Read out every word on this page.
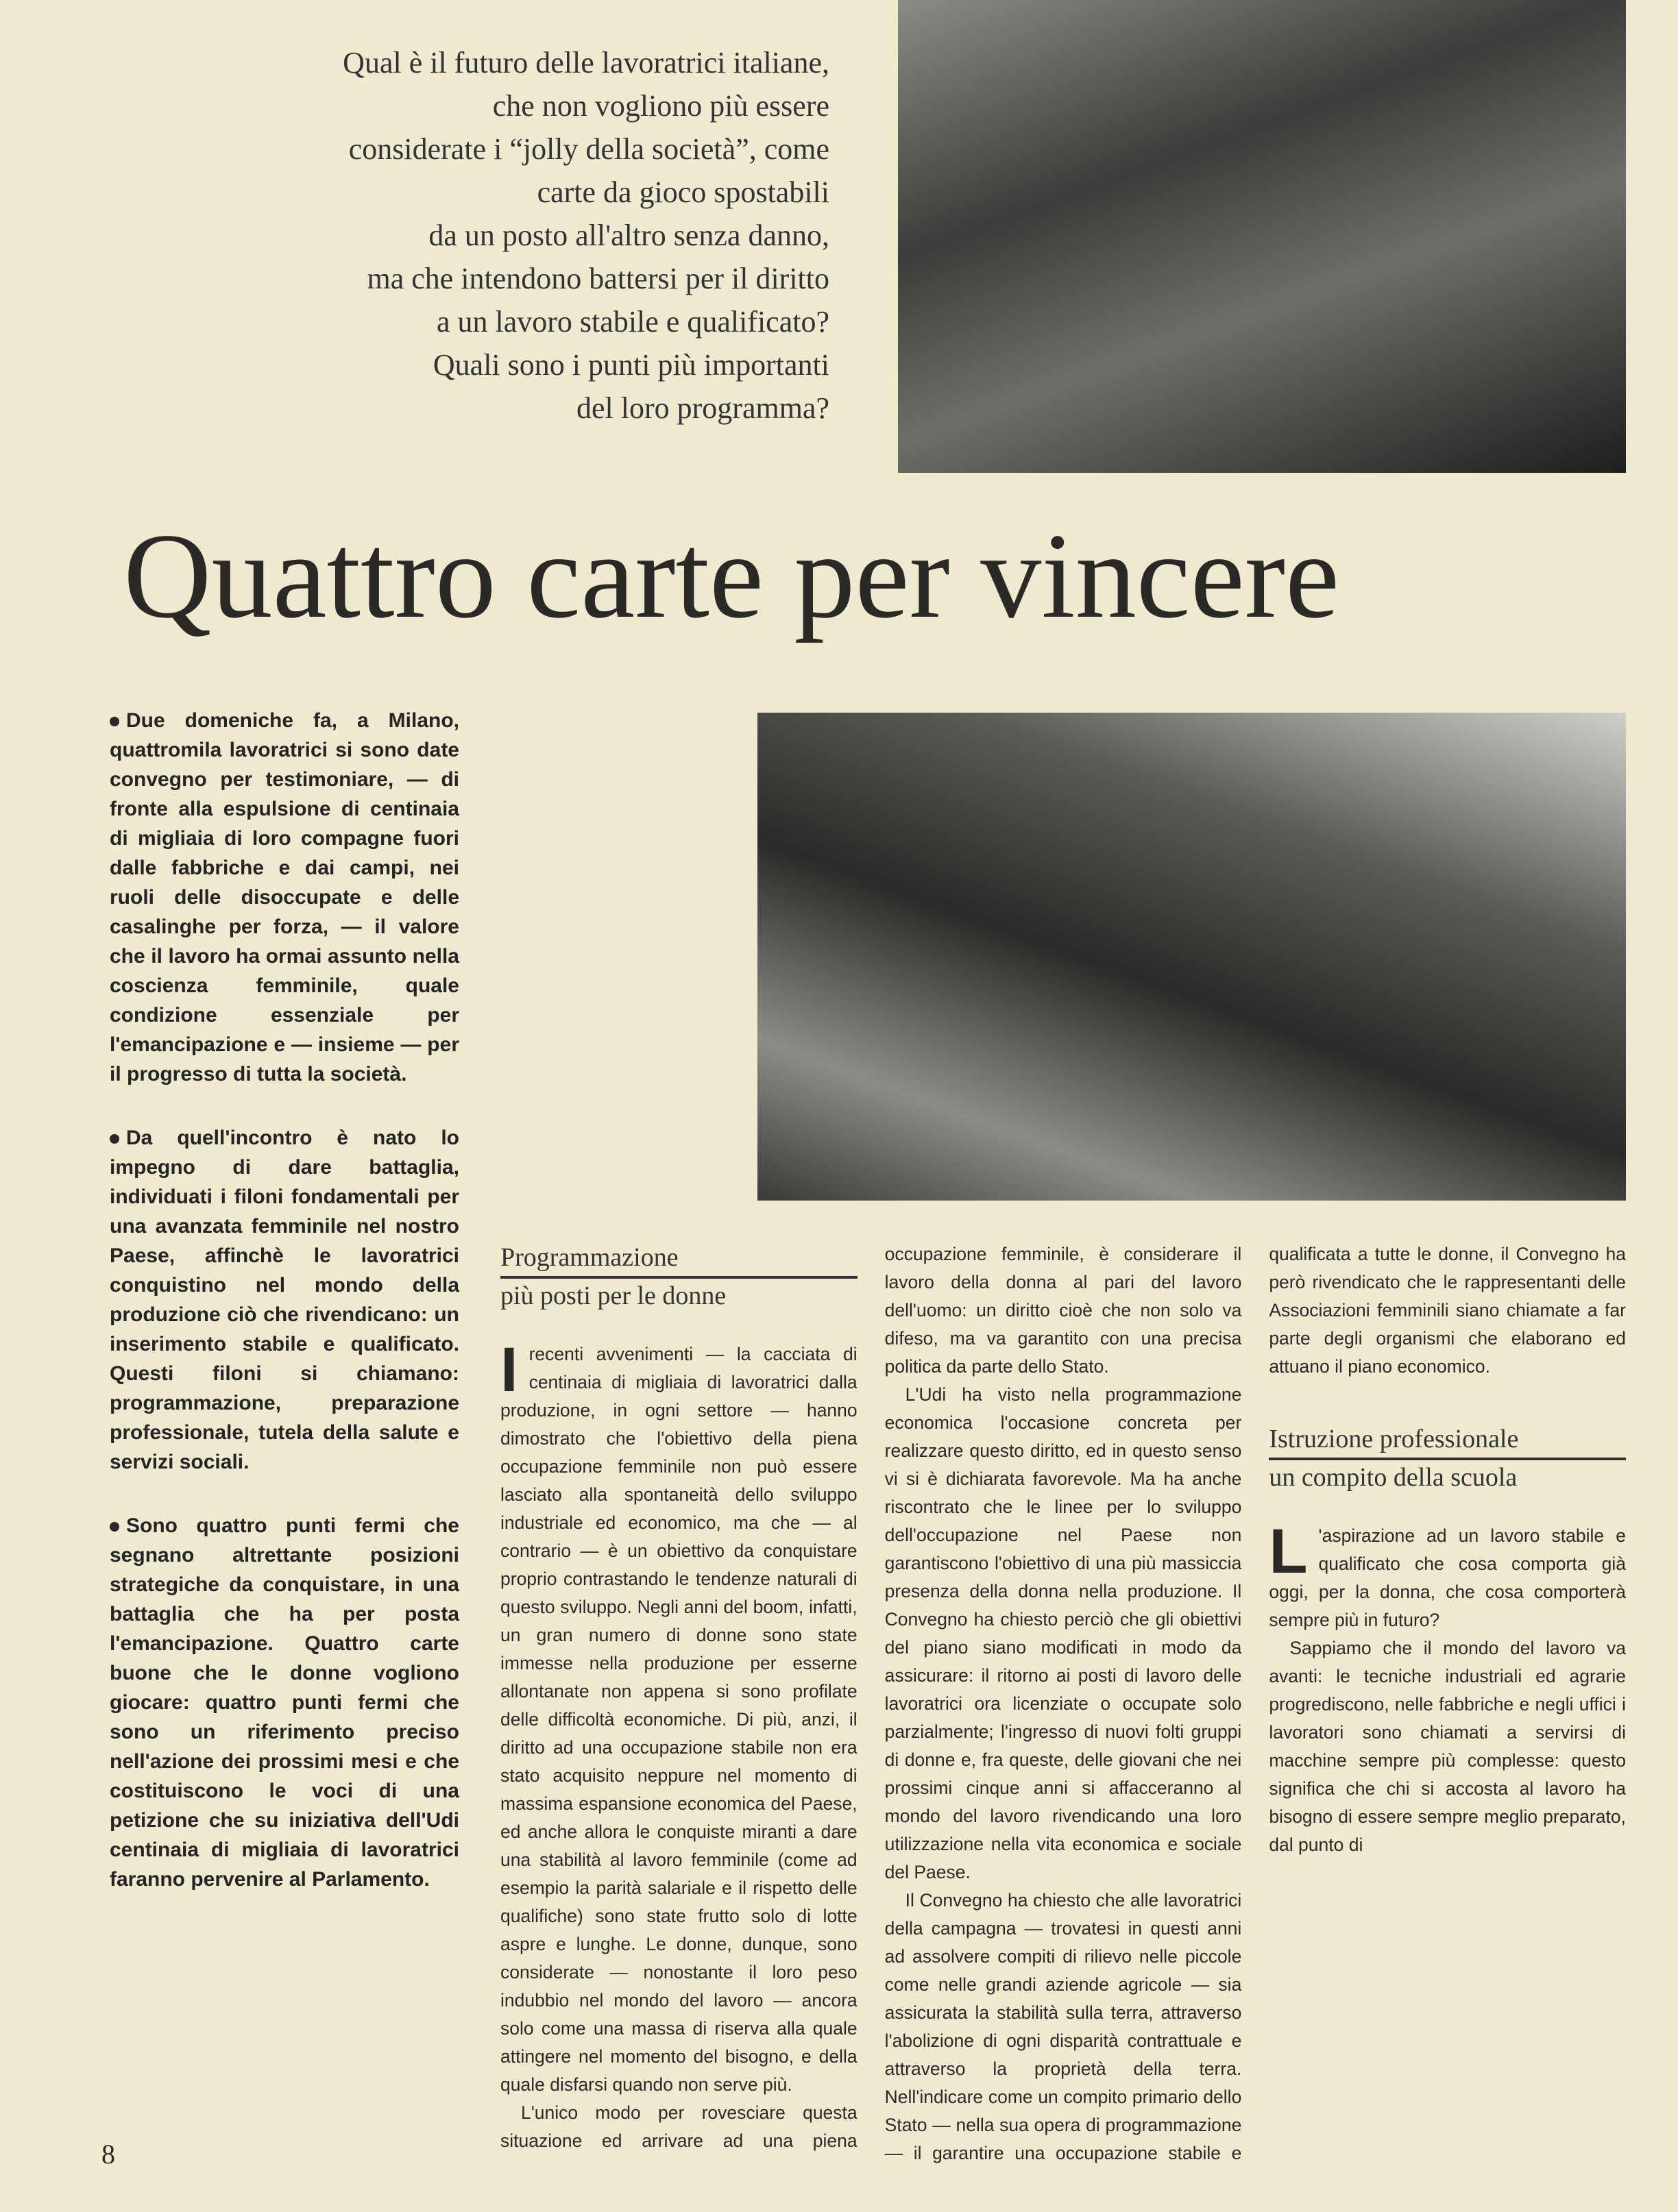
Qual è il futuro delle lavoratrici italiane,
che non vogliono più essere
considerate i “jolly della società”, come
carte da gioco spostabili
da un posto all'altro senza danno,
ma che intendono battersi per il diritto
a un lavoro stabile e qualificato?
Quali sono i punti più importanti
del loro programma?
Quattro carte per vincere

Due domeniche fa, a Milano, quattromila lavoratrici si sono date convegno per testimoniare, — di fronte alla espulsione di centinaia di migliaia di loro compagne fuori dalle fabbriche e dai campi, nei ruoli delle disoccupate e delle casalinghe per forza, — il valore che il lavoro ha ormai assunto nella coscienza femminile, quale condizione essenziale per l'emancipazione e — insieme — per il progresso di tutta la società.

Da quell'incontro è nato lo impegno di dare battaglia, individuati i filoni fondamentali per una avanzata femminile nel nostro Paese, affinchè le lavoratrici conquistino nel mondo della produzione ciò che rivendicano: un inserimento stabile e qualificato. Questi filoni si chiamano: programmazione, preparazione professionale, tutela della salute e servizi sociali.

Sono quattro punti fermi che segnano altrettante posizioni strategiche da conquistare, in una battaglia che ha per posta l'emancipazione. Quattro carte buone che le donne vogliono giocare: quattro punti fermi che sono un riferimento preciso nell'azione dei prossimi mesi e che costituiscono le voci di una petizione che su iniziativa dell'Udi centinaia di migliaia di lavoratrici faranno pervenire al Parlamento.

Programmazione
più posti per le donne

Irecenti avvenimenti — la cacciata di centinaia di migliaia di lavoratrici dalla produzione, in ogni settore — hanno dimostrato che l'obiettivo della piena occupazione femminile non può essere lasciato alla spontaneità dello sviluppo industriale ed economico, ma che — al contrario — è un obiettivo da conquistare proprio contrastando le tendenze naturali di questo sviluppo. Negli anni del boom, infatti, un gran numero di donne sono state immesse nella produzione per esserne allontanate non appena si sono profilate delle difficoltà economiche. Di più, anzi, il diritto ad una occupazione stabile non era stato acquisito neppure nel momento di massima espansione economica del Paese, ed anche allora le conquiste miranti a dare una stabilità al lavoro femminile (come ad esempio la parità salariale e il rispetto delle qualifiche) sono state frutto solo di lotte aspre e lunghe. Le donne, dunque, sono considerate — nonostante il loro peso indubbio nel mondo del lavoro — ancora solo come una massa di riserva alla quale attingere nel momento del bisogno, e della quale disfarsi quando non serve più.

L'unico modo per rovesciare questa situazione ed arrivare ad una piena occupazione femminile, è considerare il lavoro della donna al pari del lavoro dell'uomo: un diritto cioè che non solo va difeso, ma va garantito con una precisa politica da parte dello Stato.

L'Udi ha visto nella programmazione economica l'occasione concreta per realizzare questo diritto, ed in questo senso vi si è dichiarata favorevole. Ma ha anche riscontrato che le linee per lo sviluppo dell'occupazione nel Paese non garantiscono l'obiettivo di una più massiccia presenza della donna nella produzione. Il Convegno ha chiesto perciò che gli obiettivi del piano siano modificati in modo da assicurare: il ritorno ai posti di lavoro delle lavoratrici ora licenziate o occupate solo parzialmente; l'ingresso di nuovi folti gruppi di donne e, fra queste, delle giovani che nei prossimi cinque anni si affacceranno al mondo del lavoro rivendicando una loro utilizzazione nella vita economica e sociale del Paese.

Il Convegno ha chiesto che alle lavoratrici della campagna — trovatesi in questi anni ad assolvere compiti di rilievo nelle piccole come nelle grandi aziende agricole — sia assicurata la stabilità sulla terra, attraverso l'abolizione di ogni disparità contrattuale e attraverso la proprietà della terra. Nell'indicare come un compito primario dello Stato — nella sua opera di programmazione — il garantire una occupazione stabile e qualificata a tutte le donne, il Convegno ha però rivendicato che le rappresentanti delle Associazioni femminili siano chiamate a far parte degli organismi che elaborano ed attuano il piano economico.

Istruzione professionale
un compito della scuola

L 'aspirazione ad un lavoro stabile e qualificato che cosa comporta già oggi, per la donna, che cosa comporterà sempre più in futuro?

Sappiamo che il mondo del lavoro va avanti: le tecniche industriali ed agrarie progrediscono, nelle fabbriche e negli uffici i lavoratori sono chiamati a servirsi di macchine sempre più complesse: questo significa che chi si accosta al lavoro ha bisogno di essere sempre meglio preparato, dal punto di

8
